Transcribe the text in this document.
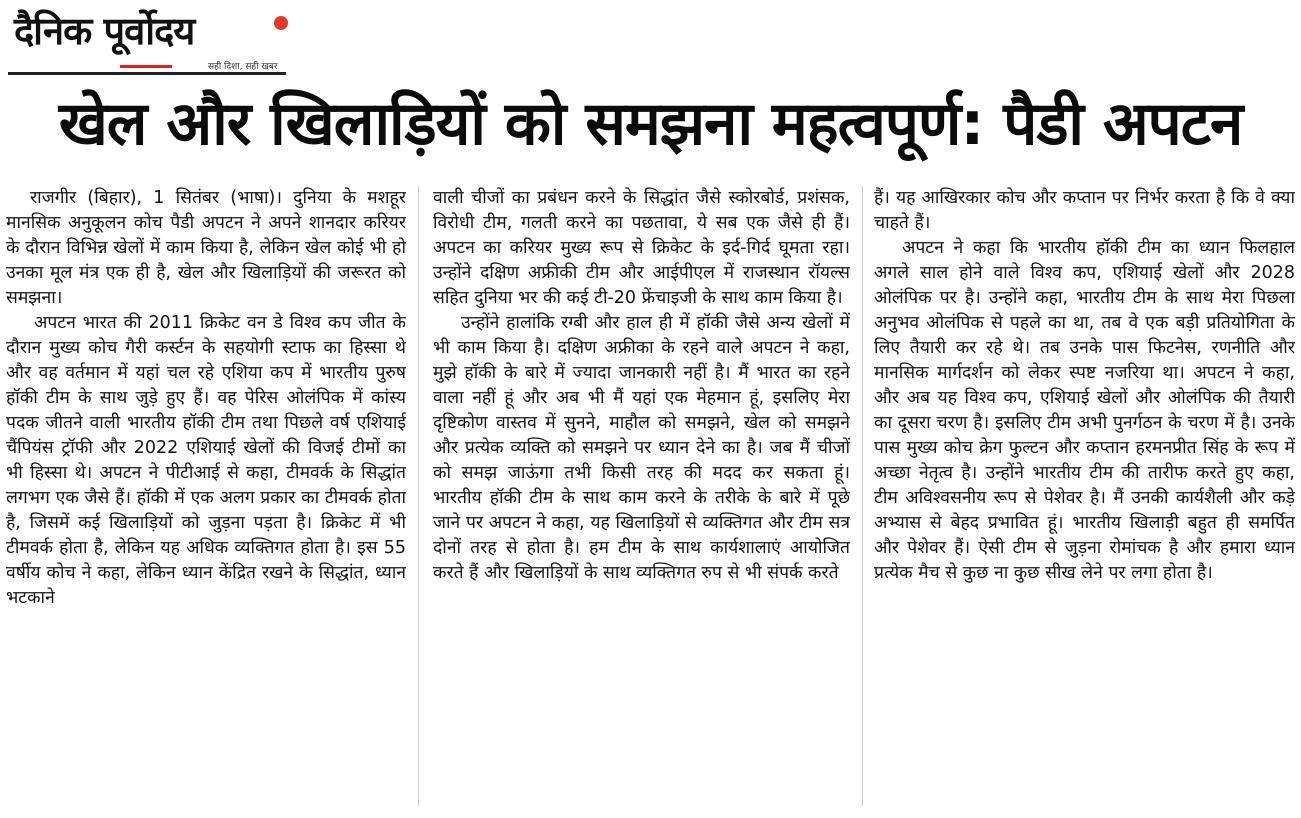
दैनिक पूर्वोदय
सही दिशा, सही खबर
खेल और खिलाड़ियों को समझना महत्वपूर्ण: पैडी अपटन

राजगीर (बिहार), 1 सितंबर (भाषा)। दुनिया के मशहूर मानसिक अनुकूलन कोच पैडी अपटन ने अपने शानदार करियर के दौरान विभिन्न खेलों में काम किया है, लेकिन खेल कोई भी हो उनका मूल मंत्र एक ही है, खेल और खिलाड़ियों की जरूरत को समझना।

अपटन भारत की 2011 क्रिकेट वन डे विश्व कप जीत के दौरान मुख्य कोच गैरी कर्स्टन के सहयोगी स्टाफ का हिस्सा थे और वह वर्तमान में यहां चल रहे एशिया कप में भारतीय पुरुष हॉकी टीम के साथ जुड़े हुए हैं। वह पेरिस ओलंपिक में कांस्य पदक जीतने वाली भारतीय हॉकी टीम तथा पिछले वर्ष एशियाई चैंपियंस ट्रॉफी और 2022 एशियाई खेलों की विजई टीमों का भी हिस्सा थे। अपटन ने पीटीआई से कहा, टीमवर्क के सिद्धांत लगभग एक जैसे हैं। हॉकी में एक अलग प्रकार का टीमवर्क होता है, जिसमें कई खिलाड़ियों को जुड़ना पड़ता है। क्रिकेट में भी टीमवर्क होता है, लेकिन यह अधिक व्यक्तिगत होता है। इस 55 वर्षीय कोच ने कहा, लेकिन ध्यान केंद्रित रखने के सिद्धांत, ध्यान भटकाने

वाली चीजों का प्रबंधन करने के सिद्धांत जैसे स्कोरबोर्ड, प्रशंसक, विरोधी टीम, गलती करने का पछतावा, ये सब एक जैसे ही हैं। अपटन का करियर मुख्य रूप से क्रिकेट के इर्द-गिर्द घूमता रहा। उन्होंने दक्षिण अफ्रीकी टीम और आईपीएल में राजस्थान रॉयल्स सहित दुनिया भर की कई टी-20 फ्रेंचाइजी के साथ काम किया है।

उन्होंने हालांकि रग्बी और हाल ही में हॉकी जैसे अन्य खेलों में भी काम किया है। दक्षिण अफ्रीका के रहने वाले अपटन ने कहा, मुझे हॉकी के बारे में ज्यादा जानकारी नहीं है। मैं भारत का रहने वाला नहीं हूं और अब भी मैं यहां एक मेहमान हूं, इसलिए मेरा दृष्टिकोण वास्तव में सुनने, माहौल को समझने, खेल को समझने और प्रत्येक व्यक्ति को समझने पर ध्यान देने का है। जब मैं चीजों को समझ जाऊंगा तभी किसी तरह की मदद कर सकता हूं। भारतीय हॉकी टीम के साथ काम करने के तरीके के बारे में पूछे जाने पर अपटन ने कहा, यह खिलाड़ियों से व्यक्तिगत और टीम सत्र दोनों तरह से होता है। हम टीम के साथ कार्यशालाएं आयोजित करते हैं और खिलाड़ियों के साथ व्यक्तिगत रुप से भी संपर्क करते

हैं। यह आखिरकार कोच और कप्तान पर निर्भर करता है कि वे क्या चाहते हैं।

अपटन ने कहा कि भारतीय हॉकी टीम का ध्यान फिलहाल अगले साल होने वाले विश्व कप, एशियाई खेलों और 2028 ओलंपिक पर है। उन्होंने कहा, भारतीय टीम के साथ मेरा पिछला अनुभव ओलंपिक से पहले का था, तब वे एक बड़ी प्रतियोगिता के लिए तैयारी कर रहे थे। तब उनके पास फिटनेस, रणनीति और मानसिक मार्गदर्शन को लेकर स्पष्ट नजरिया था। अपटन ने कहा, और अब यह विश्व कप, एशियाई खेलों और ओलंपिक की तैयारी का दूसरा चरण है। इसलिए टीम अभी पुनर्गठन के चरण में है। उनके पास मुख्य कोच क्रेग फुल्टन और कप्तान हरमनप्रीत सिंह के रूप में अच्छा नेतृत्व है। उन्होंने भारतीय टीम की तारीफ करते हुए कहा, टीम अविश्वसनीय रूप से पेशेवर है। मैं उनकी कार्यशैली और कड़े अभ्यास से बेहद प्रभावित हूं। भारतीय खिलाड़ी बहुत ही समर्पित और पेशेवर हैं। ऐसी टीम से जुड़ना रोमांचक है और हमारा ध्यान प्रत्येक मैच से कुछ ना कुछ सीख लेने पर लगा होता है।
